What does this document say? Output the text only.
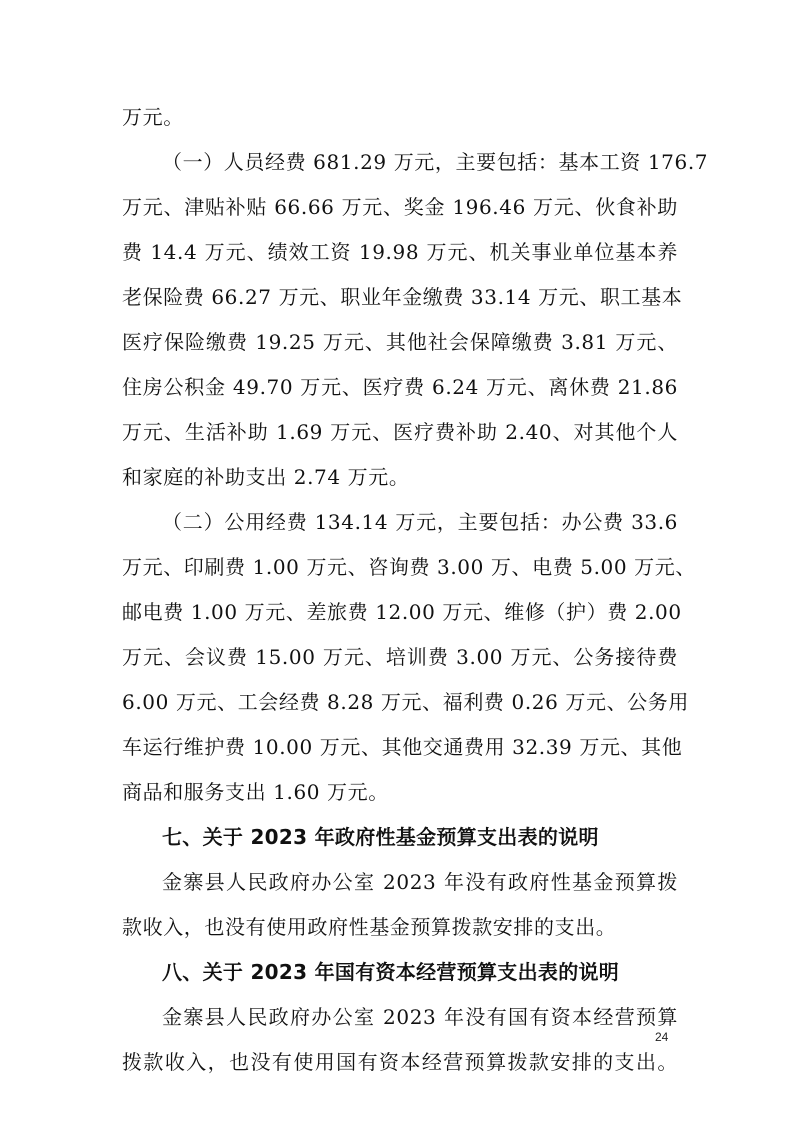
万元。
（一）人员经费 681.29 万元，主要包括：基本工资 176.7
万元、津贴补贴 66.66 万元、奖金 196.46 万元、伙食补助
费 14.4 万元、绩效工资 19.98 万元、机关事业单位基本养
老保险费 66.27 万元、职业年金缴费 33.14 万元、职工基本
医疗保险缴费 19.25 万元、其他社会保障缴费 3.81 万元、
住房公积金 49.70 万元、医疗费 6.24 万元、离休费 21.86
万元、生活补助 1.69 万元、医疗费补助 2.40、对其他个人
和家庭的补助支出 2.74 万元。
（二）公用经费 134.14 万元，主要包括：办公费 33.6
万元、印刷费 1.00 万元、咨询费 3.00 万、电费 5.00 万元、
邮电费 1.00 万元、差旅费 12.00 万元、维修（护）费 2.00
万元、会议费 15.00 万元、培训费 3.00 万元、公务接待费
6.00 万元、工会经费 8.28 万元、福利费 0.26 万元、公务用
车运行维护费 10.00 万元、其他交通费用 32.39 万元、其他
商品和服务支出 1.60 万元。
七、关于 2023 年政府性基金预算支出表的说明
金寨县人民政府办公室 2023 年没有政府性基金预算拨
款收入，也没有使用政府性基金预算拨款安排的支出。
八、关于 2023 年国有资本经营预算支出表的说明
金寨县人民政府办公室 2023 年没有国有资本经营预算
拨款收入，也没有使用国有资本经营预算拨款安排的支出。
24
